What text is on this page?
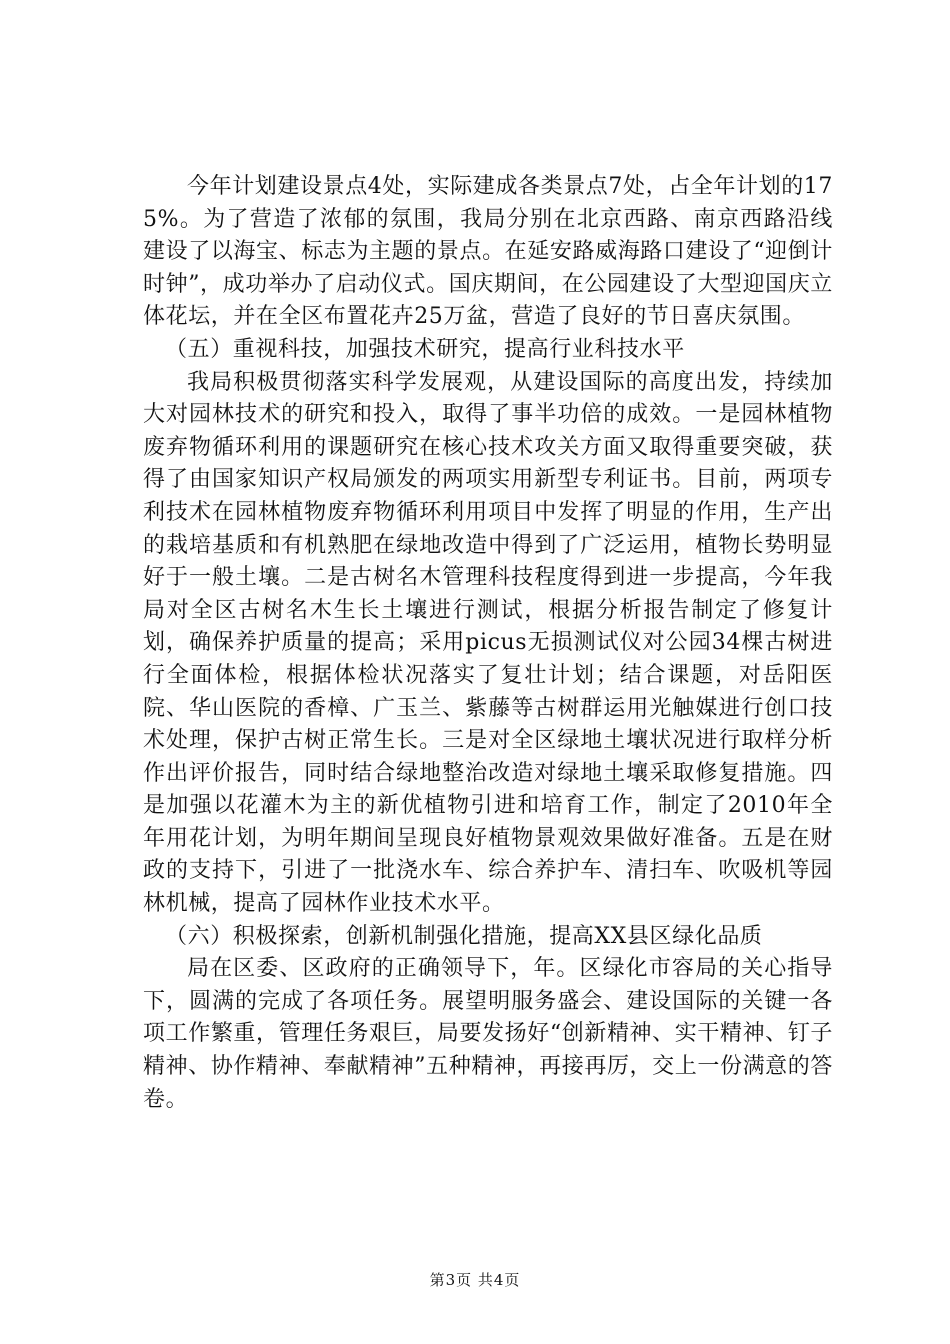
今年计划建设景点4处，实际建成各类景点7处，占全年计划的175%。为了营造了浓郁的氛围，我局分别在北京西路、南京西路沿线建设了以海宝、标志为主题的景点。在延安路威海路口建设了“迎倒计时钟”，成功举办了启动仪式。国庆期间，在公园建设了大型迎国庆立体花坛，并在全区布置花卉25万盆，营造了良好的节日喜庆氛围。

（五）重视科技，加强技术研究，提高行业科技水平

我局积极贯彻落实科学发展观，从建设国际的高度出发，持续加大对园林技术的研究和投入，取得了事半功倍的成效。一是园林植物废弃物循环利用的课题研究在核心技术攻关方面又取得重要突破，获得了由国家知识产权局颁发的两项实用新型专利证书。目前，两项专利技术在园林植物废弃物循环利用项目中发挥了明显的作用，生产出的栽培基质和有机熟肥在绿地改造中得到了广泛运用，植物长势明显好于一般土壤。二是古树名木管理科技程度得到进一步提高，今年我局对全区古树名木生长土壤进行测试，根据分析报告制定了修复计划，确保养护质量的提高；采用picus无损测试仪对公园34棵古树进行全面体检，根据体检状况落实了复壮计划；结合课题，对岳阳医院、华山医院的香樟、广玉兰、紫藤等古树群运用光触媒进行创口技术处理，保护古树正常生长。三是对全区绿地土壤状况进行取样分析作出评价报告，同时结合绿地整治改造对绿地土壤采取修复措施。四是加强以花灌木为主的新优植物引进和培育工作，制定了2010年全年用花计划，为明年期间呈现良好植物景观效果做好准备。五是在财政的支持下，引进了一批浇水车、综合养护车、清扫车、吹吸机等园林机械，提高了园林作业技术水平。

（六）积极探索，创新机制强化措施，提高XX县区绿化品质

局在区委、区政府的正确领导下，年。区绿化市容局的关心指导下，圆满的完成了各项任务。展望明服务盛会、建设国际的关键一各项工作繁重，管理任务艰巨，局要发扬好“创新精神、实干精神、钉子精神、协作精神、奉献精神”五种精神，再接再厉，交上一份满意的答卷。

第3页 共4页
